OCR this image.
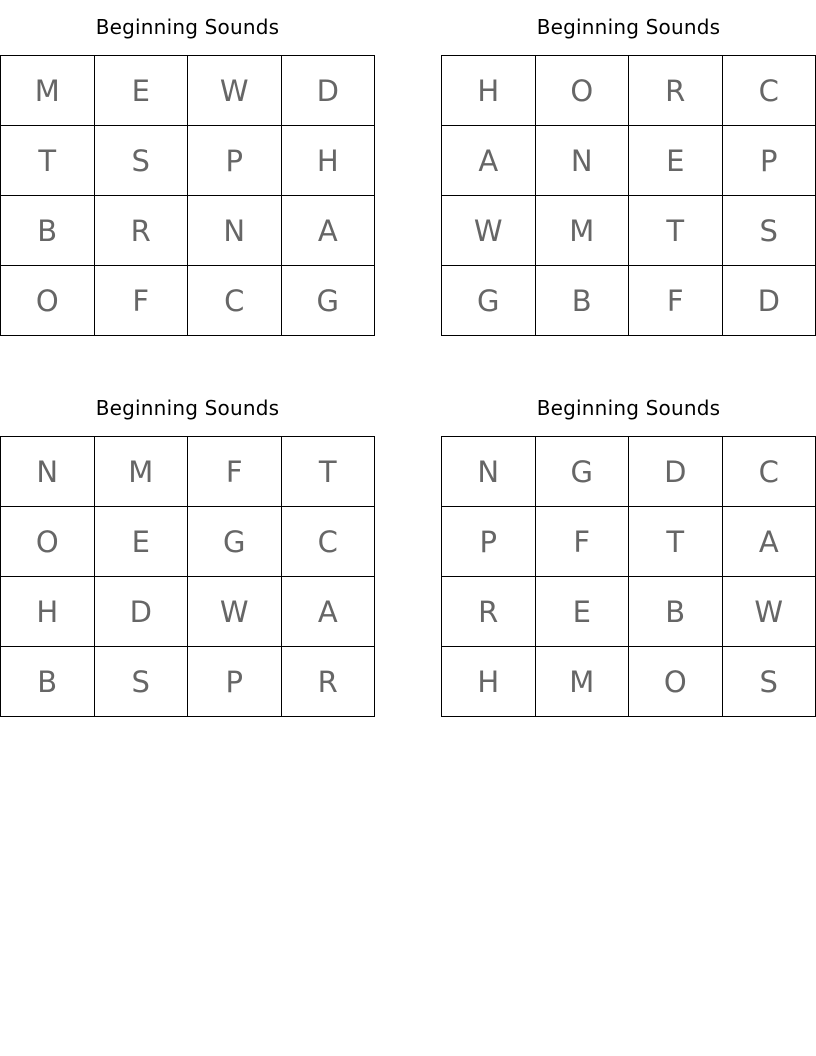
Beginning Sounds
M	E	W	D
T	S	P	H
B	R	N	A
O	F	C	G
Beginning Sounds
H	O	R	C
A	N	E	P
W	M	T	S
G	B	F	D
Beginning Sounds
N	M	F	T
O	E	G	C
H	D	W	A
B	S	P	R
Beginning Sounds
N	G	D	C
P	F	T	A
R	E	B	W
H	M	O	S
